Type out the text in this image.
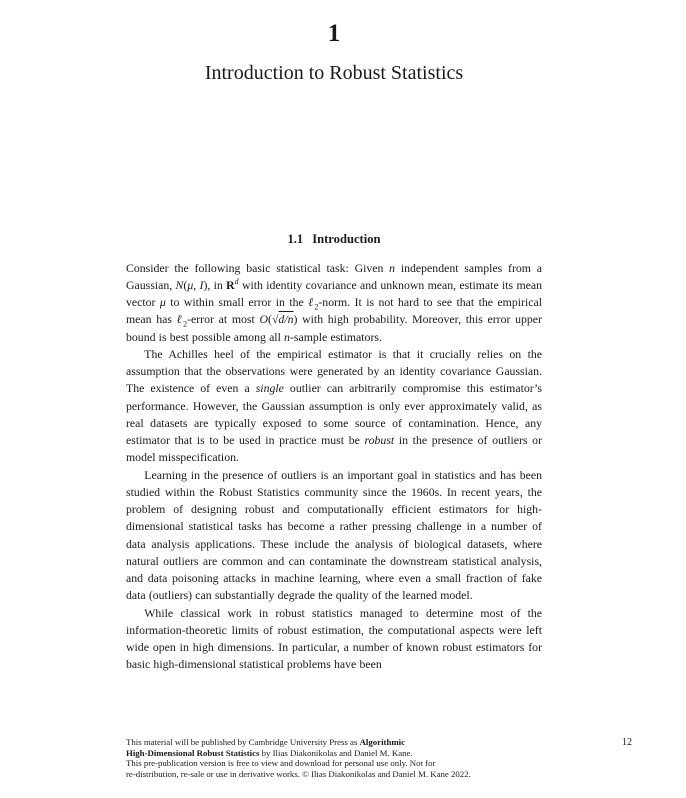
1
Introduction to Robust Statistics
1.1 Introduction

Consider the following basic statistical task: Given n independent samples from a Gaussian, N(μ, I), in $R^d$ with identity covariance and unknown mean, estimate its mean vector μ to within small error in the ℓ$_2$-norm. It is not hard to see that the empirical mean has ℓ$_2$-error at most O(√d/n) with high probability. Moreover, this error upper bound is best possible among all n-sample estimators.

The Achilles heel of the empirical estimator is that it crucially relies on the assumption that the observations were generated by an identity covariance Gaussian. The existence of even a single outlier can arbitrarily compromise this estimator’s performance. However, the Gaussian assumption is only ever approximately valid, as real datasets are typically exposed to some source of contamination. Hence, any estimator that is to be used in practice must be robust in the presence of outliers or model misspecification.

Learning in the presence of outliers is an important goal in statistics and has been studied within the Robust Statistics community since the 1960s. In recent years, the problem of designing robust and computationally efficient estimators for high-dimensional statistical tasks has become a rather pressing challenge in a number of data analysis applications. These include the analysis of biological datasets, where natural outliers are common and can contaminate the downstream statistical analysis, and data poisoning attacks in machine learning, where even a small fraction of fake data (outliers) can substantially degrade the quality of the learned model.

While classical work in robust statistics managed to determine most of the information-theoretic limits of robust estimation, the computational aspects were left wide open in high dimensions. In particular, a number of known robust estimators for basic high-dimensional statistical problems have been

This material will be published by Cambridge University Press as Algorithmic
High-Dimensional Robust Statistics by Ilias Diakonikolas and Daniel M. Kane.
This pre-publication version is free to view and download for personal use only. Not for
re-distribution, re-sale or use in derivative works. © Ilias Diakonikolas and Daniel M. Kane 2022.
12
